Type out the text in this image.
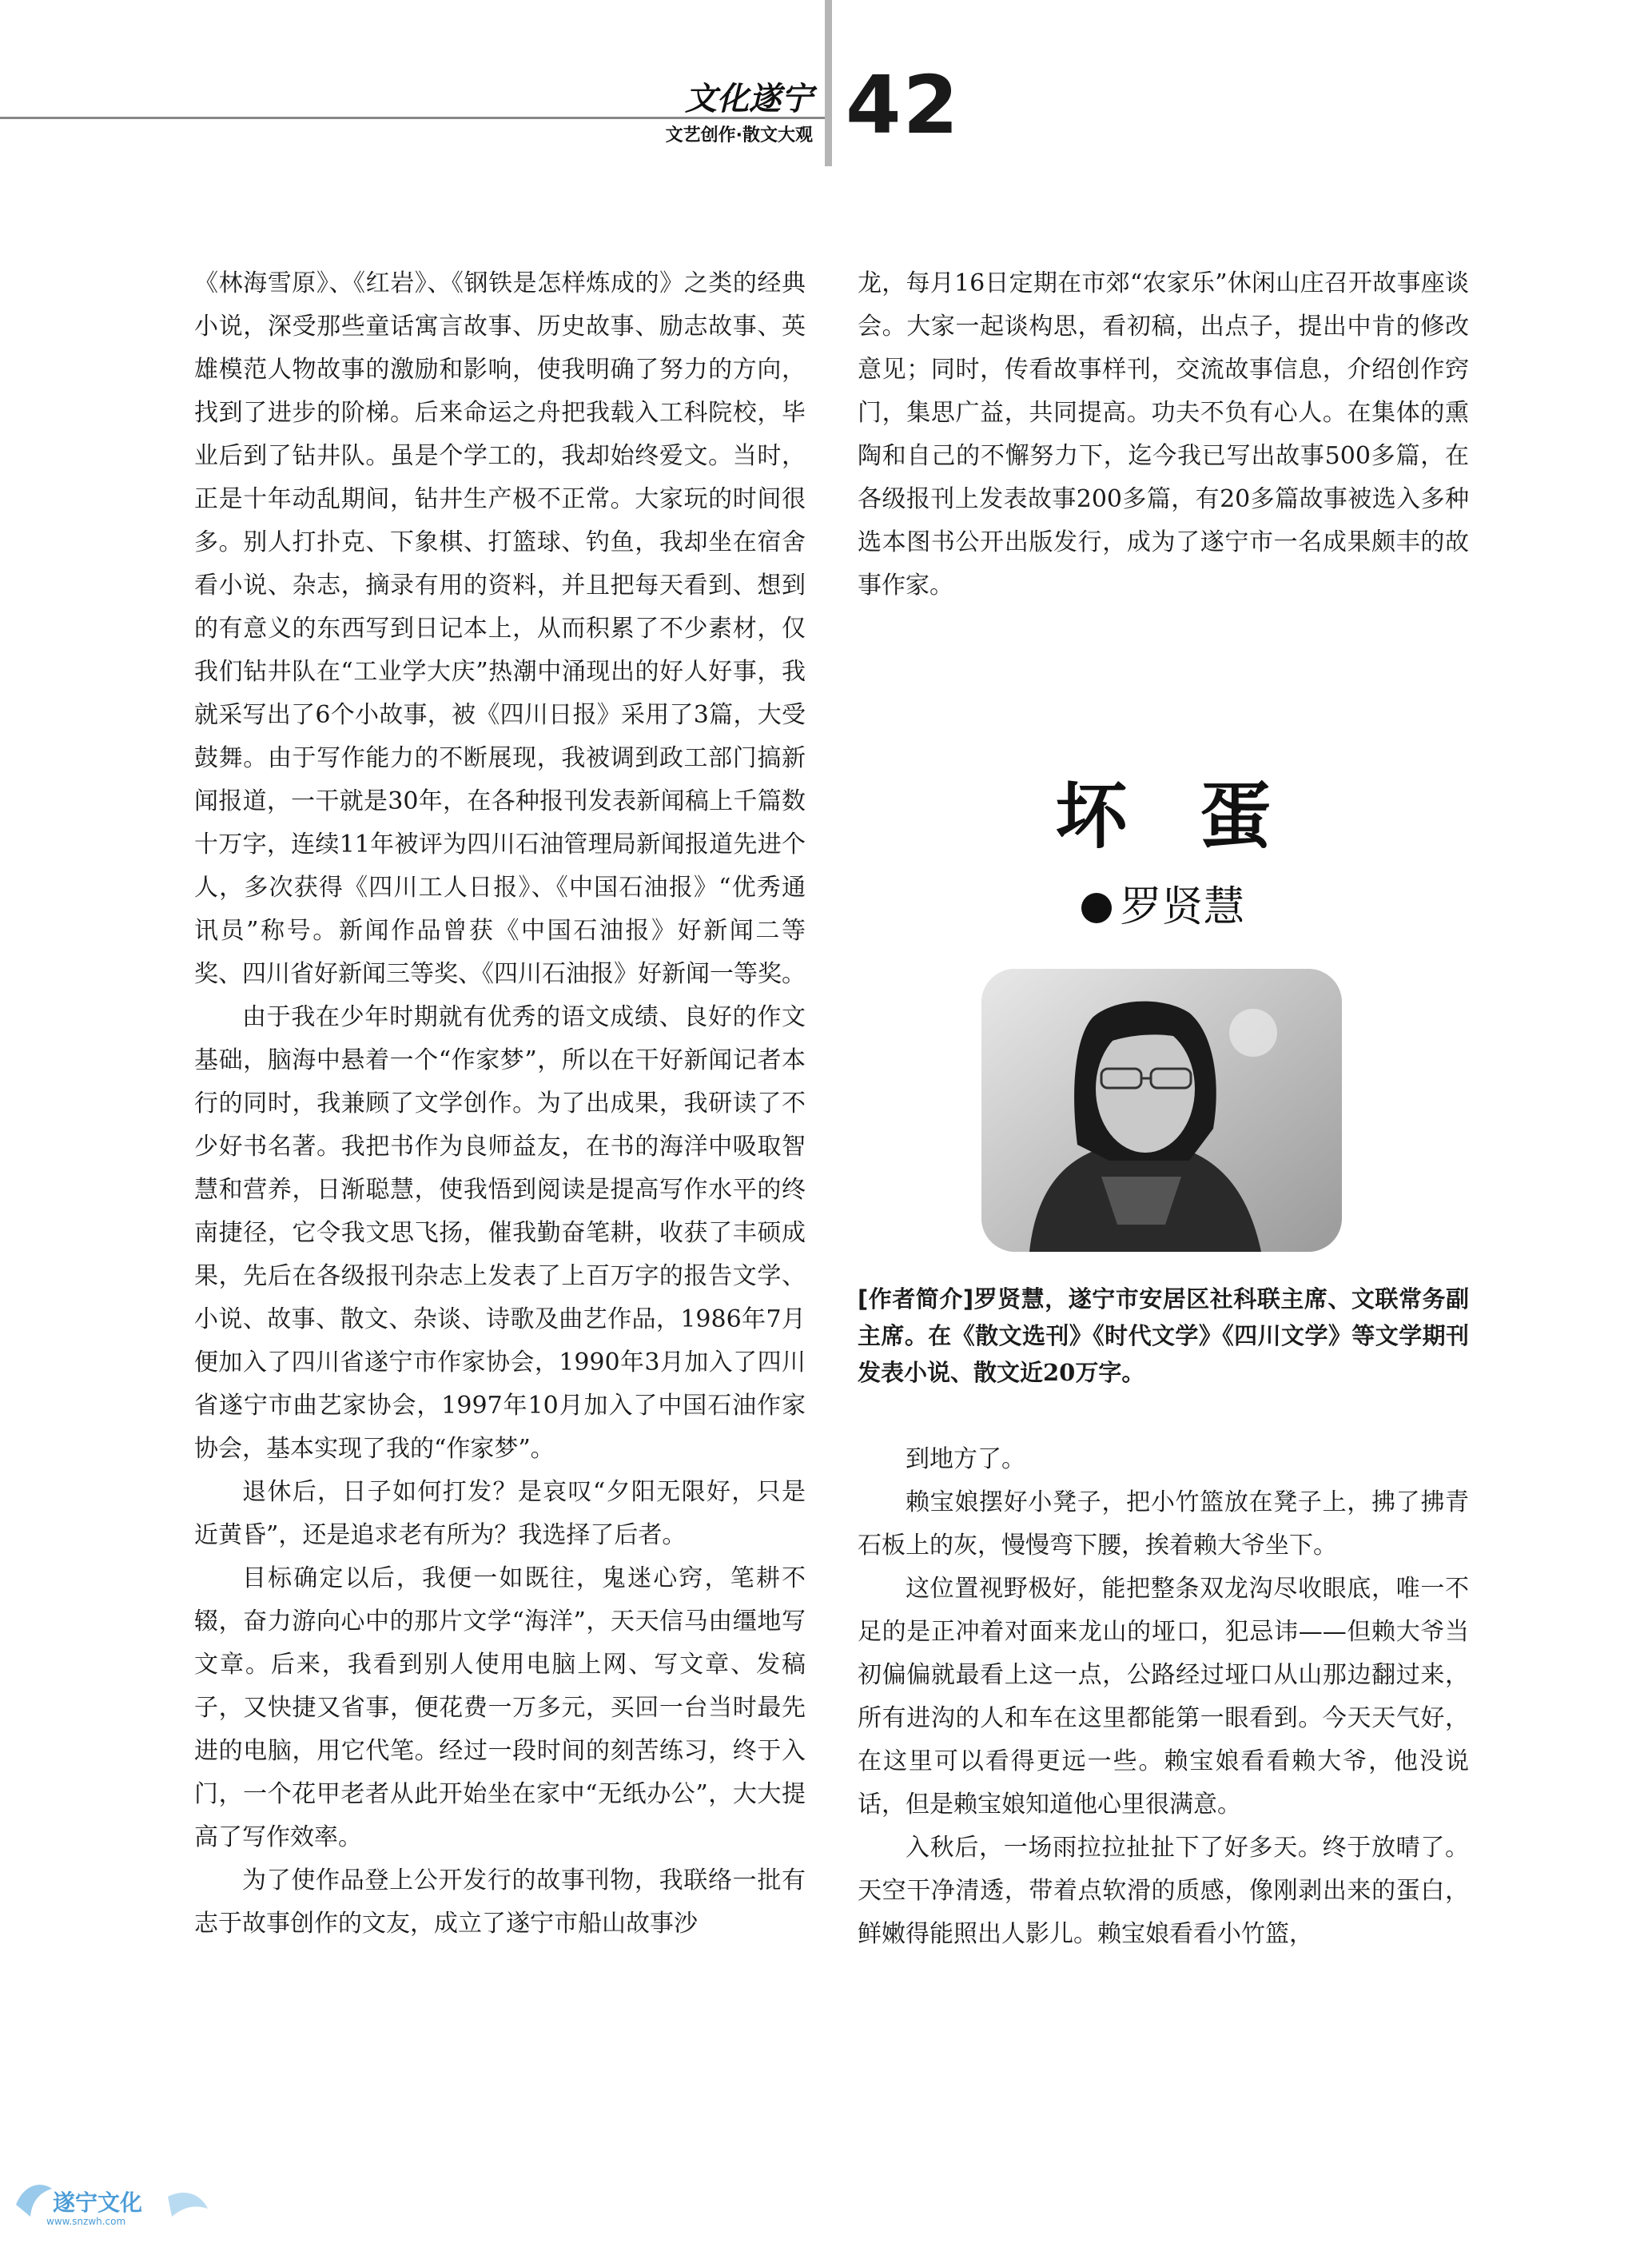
文化遂宁
文艺创作·散文大观 42

《林海雪原》、《红岩》、《钢铁是怎样炼成的》之类的经典小说，深受那些童话寓言故事、历史故事、励志故事、英雄模范人物故事的激励和影响，使我明确了努力的方向，找到了进步的阶梯。后来命运之舟把我载入工科院校，毕业后到了钻井队。虽是个学工的，我却始终爱文。当时，正是十年动乱期间，钻井生产极不正常。大家玩的时间很多。别人打扑克、下象棋、打篮球、钓鱼，我却坐在宿舍看小说、杂志，摘录有用的资料，并且把每天看到、想到的有意义的东西写到日记本上，从而积累了不少素材，仅我们钻井队在“工业学大庆”热潮中涌现出的好人好事，我就采写出了6个小故事，被《四川日报》采用了3篇，大受鼓舞。由于写作能力的不断展现，我被调到政工部门搞新闻报道，一干就是30年，在各种报刊发表新闻稿上千篇数十万字，连续11年被评为四川石油管理局新闻报道先进个人，多次获得《四川工人日报》、《中国石油报》“优秀通讯员”称号。新闻作品曾获《中国石油报》好新闻二等奖、四川省好新闻三等奖、《四川石油报》好新闻一等奖。

由于我在少年时期就有优秀的语文成绩、良好的作文基础，脑海中悬着一个“作家梦”，所以在干好新闻记者本行的同时，我兼顾了文学创作。为了出成果，我研读了不少好书名著。我把书作为良师益友，在书的海洋中吸取智慧和营养，日渐聪慧，使我悟到阅读是提高写作水平的终南捷径，它令我文思飞扬，催我勤奋笔耕，收获了丰硕成果，先后在各级报刊杂志上发表了上百万字的报告文学、小说、故事、散文、杂谈、诗歌及曲艺作品，1986年7月便加入了四川省遂宁市作家协会，1990年3月加入了四川省遂宁市曲艺家协会，1997年10月加入了中国石油作家协会，基本实现了我的“作家梦”。

退休后，日子如何打发？是哀叹“夕阳无限好，只是近黄昏”，还是追求老有所为？我选择了后者。

目标确定以后，我便一如既往，鬼迷心窍，笔耕不辍，奋力游向心中的那片文学“海洋”，天天信马由缰地写文章。后来，我看到别人使用电脑上网、写文章、发稿子，又快捷又省事，便花费一万多元，买回一台当时最先进的电脑，用它代笔。经过一段时间的刻苦练习，终于入门，一个花甲老者从此开始坐在家中“无纸办公”，大大提高了写作效率。

为了使作品登上公开发行的故事刊物，我联络一批有志于故事创作的文友，成立了遂宁市船山故事沙

龙，每月16日定期在市郊“农家乐”休闲山庄召开故事座谈会。大家一起谈构思，看初稿，出点子，提出中肯的修改意见；同时，传看故事样刊，交流故事信息，介绍创作窍门，集思广益，共同提高。功夫不负有心人。在集体的熏陶和自己的不懈努力下，迄今我已写出故事500多篇，在各级报刊上发表故事200多篇，有20多篇故事被选入多种选本图书公开出版发行，成为了遂宁市一名成果颇丰的故事作家。

坏蛋
罗贤慧
[作者简介]罗贤慧，遂宁市安居区社科联主席、文联常务副主席。在《散文选刊》《时代文学》《四川文学》等文学期刊发表小说、散文近20万字。

到地方了。

赖宝娘摆好小凳子，把小竹篮放在凳子上，拂了拂青石板上的灰，慢慢弯下腰，挨着赖大爷坐下。

这位置视野极好，能把整条双龙沟尽收眼底，唯一不足的是正冲着对面来龙山的垭口，犯忌讳——但赖大爷当初偏偏就最看上这一点，公路经过垭口从山那边翻过来，所有进沟的人和车在这里都能第一眼看到。今天天气好，在这里可以看得更远一些。赖宝娘看看赖大爷，他没说话，但是赖宝娘知道他心里很满意。

入秋后，一场雨拉拉扯扯下了好多天。终于放晴了。天空干净清透，带着点软滑的质感，像刚剥出来的蛋白，鲜嫩得能照出人影儿。赖宝娘看看小竹篮，

遂宁文化
www.snzwh.com
